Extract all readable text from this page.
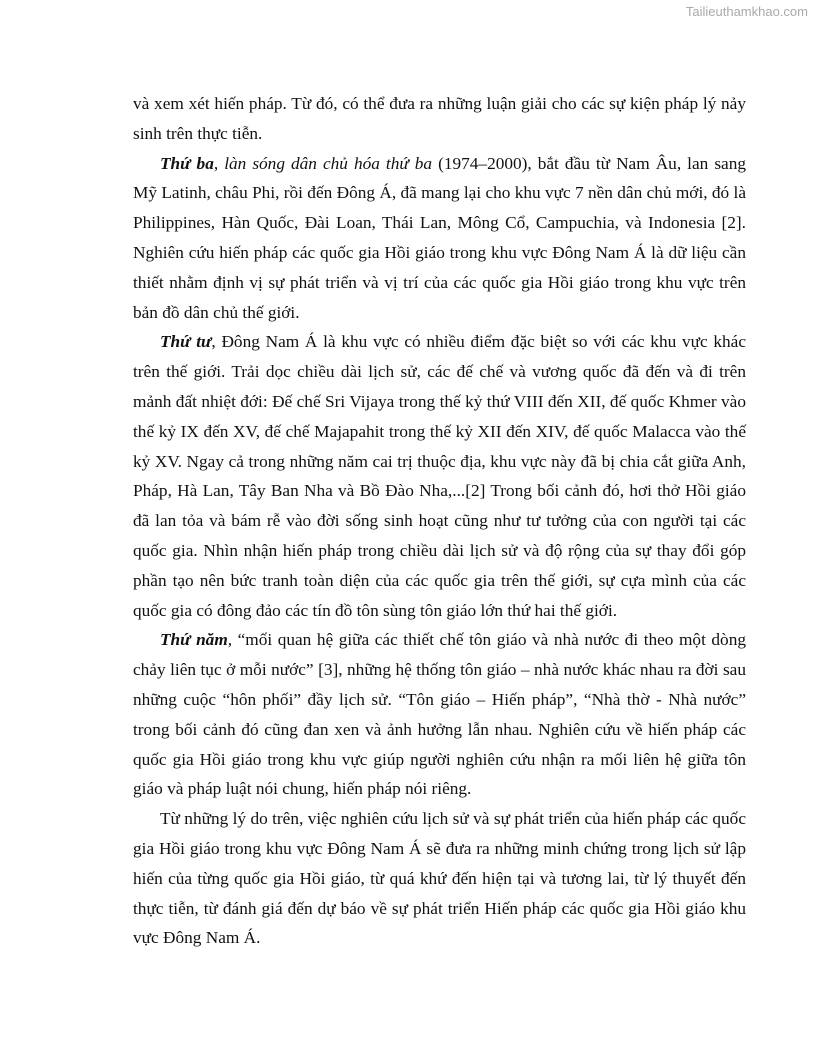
Tailieuthamkhao.com

và xem xét hiến pháp. Từ đó, có thể đưa ra những luận giải cho các sự kiện pháp lý nảy sinh trên thực tiễn.

Thứ ba, làn sóng dân chủ hóa thứ ba (1974–2000), bắt đầu từ Nam Âu, lan sang Mỹ Latinh, châu Phi, rồi đến Đông Á, đã mang lại cho khu vực 7 nền dân chủ mới, đó là Philippines, Hàn Quốc, Đài Loan, Thái Lan, Mông Cổ, Campuchia, và Indonesia [2]. Nghiên cứu hiến pháp các quốc gia Hồi giáo trong khu vực Đông Nam Á là dữ liệu cần thiết nhằm định vị sự phát triển và vị trí của các quốc gia Hồi giáo trong khu vực trên bản đồ dân chủ thế giới.

Thứ tư, Đông Nam Á là khu vực có nhiều điểm đặc biệt so với các khu vực khác trên thế giới. Trải dọc chiều dài lịch sử, các đế chế và vương quốc đã đến và đi trên mảnh đất nhiệt đới: Đế chế Sri Vijaya trong thế kỷ thứ VIII đến XII, đế quốc Khmer vào thế kỷ IX đến XV, đế chế Majapahit trong thế kỷ XII đến XIV, đế quốc Malacca vào thế kỷ XV. Ngay cả trong những năm cai trị thuộc địa, khu vực này đã bị chia cắt giữa Anh, Pháp, Hà Lan, Tây Ban Nha và Bồ Đào Nha,...[2] Trong bối cảnh đó, hơi thở Hồi giáo đã lan tỏa và bám rễ vào đời sống sinh hoạt cũng như tư tưởng của con người tại các quốc gia. Nhìn nhận hiến pháp trong chiều dài lịch sử và độ rộng của sự thay đổi góp phần tạo nên bức tranh toàn diện của các quốc gia trên thế giới, sự cựa mình của các quốc gia có đông đảo các tín đồ tôn sùng tôn giáo lớn thứ hai thế giới.

Thứ năm, “mối quan hệ giữa các thiết chế tôn giáo và nhà nước đi theo một dòng chảy liên tục ở mỗi nước” [3], những hệ thống tôn giáo – nhà nước khác nhau ra đời sau những cuộc “hôn phối” đầy lịch sử. “Tôn giáo – Hiến pháp”, “Nhà thờ - Nhà nước” trong bối cảnh đó cũng đan xen và ảnh hưởng lẫn nhau. Nghiên cứu về hiến pháp các quốc gia Hồi giáo trong khu vực giúp người nghiên cứu nhận ra mối liên hệ giữa tôn giáo và pháp luật nói chung, hiến pháp nói riêng.

Từ những lý do trên, việc nghiên cứu lịch sử và sự phát triển của hiến pháp các quốc gia Hồi giáo trong khu vực Đông Nam Á sẽ đưa ra những minh chứng trong lịch sử lập hiến của từng quốc gia Hồi giáo, từ quá khứ đến hiện tại và tương lai, từ lý thuyết đến thực tiễn, từ đánh giá đến dự báo về sự phát triển Hiến pháp các quốc gia Hồi giáo khu vực Đông Nam Á.
